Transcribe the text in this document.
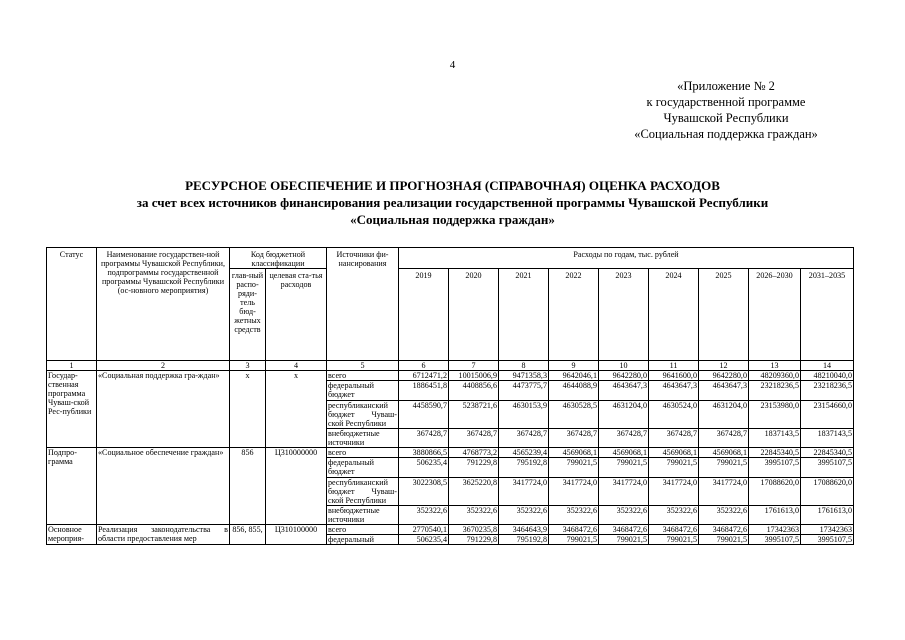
4
«Приложение № 2
к государственной программе
Чувашской Республики
«Социальная поддержка граждан»
РЕСУРСНОЕ ОБЕСПЕЧЕНИЕ И ПРОГНОЗНАЯ (СПРАВОЧНАЯ) ОЦЕНКА РАСХОДОВ
за счет всех источников финансирования реализации государственной программы Чувашской Республики
«Социальная поддержка граждан»
Статус	Наименование государствен-ной программы Чувашской Республики, подпрограммы государственной программы Чувашской Республики (ос-новного мероприятия)	Код бюджетной классификации		Источники фи-нансирования	Расходы по годам, тыс. рублей								
		глав-ный распо-ряди-тель бюд-жетных средств	целевая ста-тья расходов		2019	2020	2021	2022	2023	2024	2025	2026–2030	2031–2035
1	2	3	4	5	6	7	8	9	10	11	12	13	14
Государ-ственная программа Чуваш-ской Рес-публики	«Социальная поддержка гра-ждан»	x	x	всего	6712471,2	10015006,9	9471358,3	9642046,1	9642280,0	9641600,0	9642280,0	48209360,0	48210040,0
				федеральный бюджет	1886451,8	4408856,6	4473775,7	4644088,9	4643647,3	4643647,3	4643647,3	23218236,5	23218236,5
				республиканский бюджет Чуваш-ской Республики	4458590,7	5238721,6	4630153,9	4630528,5	4631204,0	4630524,0	4631204,0	23153980,0	23154660,0
				внебюджетные источники	367428,7	367428,7	367428,7	367428,7	367428,7	367428,7	367428,7	1837143,5	1837143,5
Подпро-грамма	«Социальное обеспечение граждан»	856	Ц310000000	всего	3880866,5	4768773,2	4565239,4	4569068,1	4569068,1	4569068,1	4569068,1	22845340,5	22845340,5
				федеральный бюджет	506235,4	791229,8	795192,8	799021,5	799021,5	799021,5	799021,5	3995107,5	3995107,5
				республиканский бюджет Чуваш-ской Республики	3022308,5	3625220,8	3417724,0	3417724,0	3417724,0	3417724,0	3417724,0	17088620,0	17088620,0
				внебюджетные источники	352322,6	352322,6	352322,6	352322,6	352322,6	352322,6	352322,6	1761613,0	1761613,0
Основное мероприя-	Реализация законодательства в области предоставления мер	856, 855,	Ц310100000	всего	2770540,1	3670235,8	3464643,9	3468472,6	3468472,6	3468472,6	3468472,6	17342363	17342363
				федеральный	506235,4	791229,8	795192,8	799021,5	799021,5	799021,5	799021,5	3995107,5	3995107,5
